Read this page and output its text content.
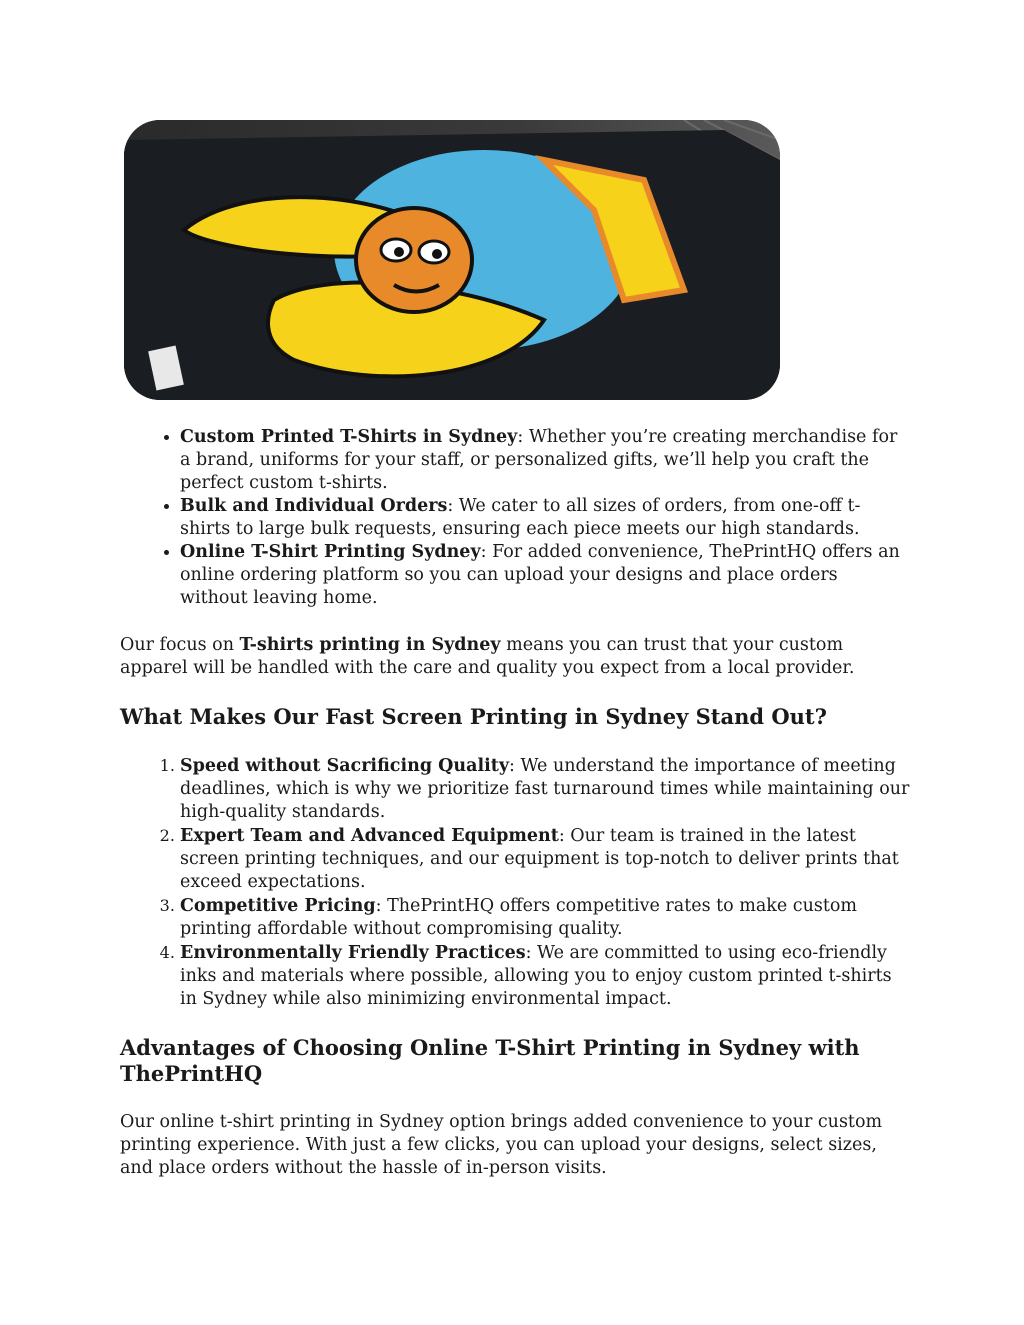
• Custom Printed T-Shirts in Sydney: Whether you’re creating merchandise for a brand, uniforms for your staff, or personalized gifts, we’ll help you craft the perfect custom t-shirts.
• Bulk and Individual Orders: We cater to all sizes of orders, from one-off t-shirts to large bulk requests, ensuring each piece meets our high standards.
• Online T-Shirt Printing Sydney: For added convenience, ThePrintHQ offers an online ordering platform so you can upload your designs and place orders without leaving home.

Our focus on T-shirts printing in Sydney means you can trust that your custom apparel will be handled with the care and quality you expect from a local provider.

What Makes Our Fast Screen Printing in Sydney Stand Out?
1. Speed without Sacrificing Quality: We understand the importance of meeting deadlines, which is why we prioritize fast turnaround times while maintaining our high-quality standards.
2. Expert Team and Advanced Equipment: Our team is trained in the latest screen printing techniques, and our equipment is top-notch to deliver prints that exceed expectations.
3. Competitive Pricing: ThePrintHQ offers competitive rates to make custom printing affordable without compromising quality.
4. Environmentally Friendly Practices: We are committed to using eco-friendly inks and materials where possible, allowing you to enjoy custom printed t-shirts in Sydney while also minimizing environmental impact.
Advantages of Choosing Online T-Shirt Printing in Sydney with ThePrintHQ

Our online t-shirt printing in Sydney option brings added convenience to your custom printing experience. With just a few clicks, you can upload your designs, select sizes, and place orders without the hassle of in-person visits.
